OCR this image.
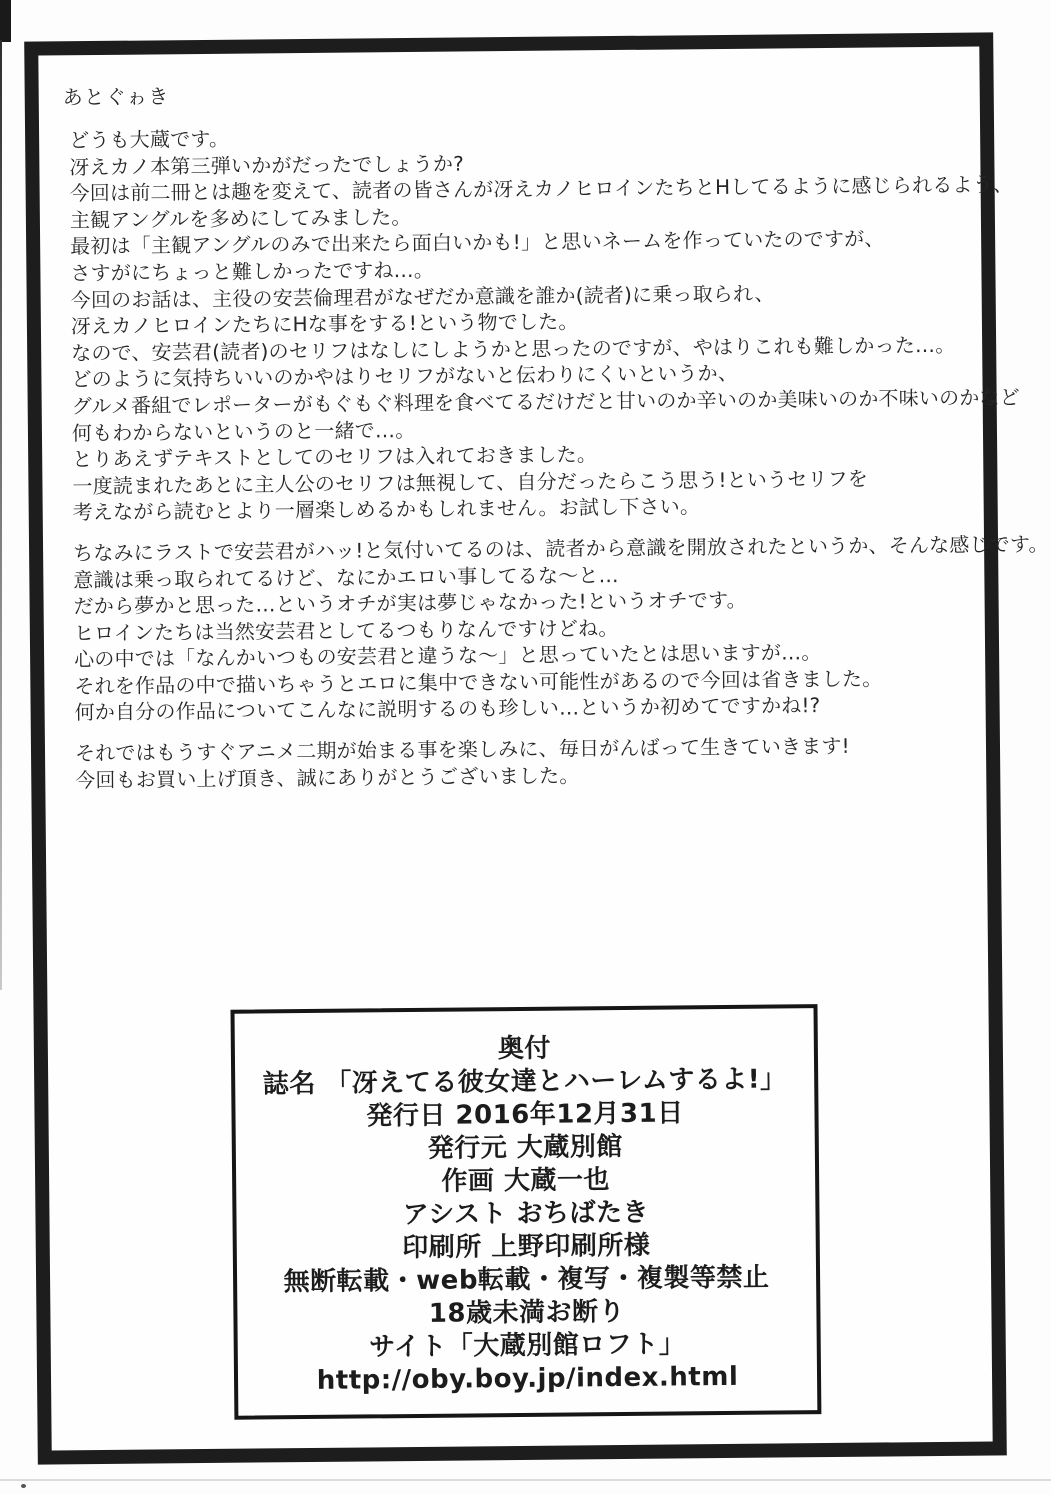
あとぐゎき
どうも大蔵です。
冴えカノ本第三弾いかがだったでしょうか?
今回は前二冊とは趣を変えて、読者の皆さんが冴えカノヒロインたちとHしてるように感じられるよう、
主観アングルを多めにしてみました。
最初は「主観アングルのみで出来たら面白いかも!」と思いネームを作っていたのですが、
さすがにちょっと難しかったですね…。
今回のお話は、主役の安芸倫理君がなぜだか意識を誰か(読者)に乗っ取られ、
冴えカノヒロインたちにHな事をする!という物でした。
なので、安芸君(読者)のセリフはなしにしようかと思ったのですが、やはりこれも難しかった…。
どのように気持ちいいのかやはりセリフがないと伝わりにくいというか、
グルメ番組でレポーターがもぐもぐ料理を食べてるだけだと甘いのか辛いのか美味いのか不味いのかなど
何もわからないというのと一緒で…。
とりあえずテキストとしてのセリフは入れておきました。
一度読まれたあとに主人公のセリフは無視して、自分だったらこう思う!というセリフを
考えながら読むとより一層楽しめるかもしれません。お試し下さい。

ちなみにラストで安芸君がハッ!と気付いてるのは、読者から意識を開放されたというか、そんな感じです。
意識は乗っ取られてるけど、なにかエロい事してるな〜と…
だから夢かと思った…というオチが実は夢じゃなかった!というオチです。
ヒロインたちは当然安芸君としてるつもりなんですけどね。
心の中では「なんかいつもの安芸君と違うな〜」と思っていたとは思いますが…。
それを作品の中で描いちゃうとエロに集中できない可能性があるので今回は省きました。
何か自分の作品についてこんなに説明するのも珍しい…というか初めてですかね!?

それではもうすぐアニメ二期が始まる事を楽しみに、毎日がんばって生きていきます!
今回もお買い上げ頂き、誠にありがとうございました。
奥付
誌名 「冴えてる彼女達とハーレムするよ!」
発行日 2016年12月31日
発行元 大蔵別館
作画 大蔵一也
アシスト おちばたき
印刷所 上野印刷所様
無断転載・web転載・複写・複製等禁止
18歳未満お断り
サイト「大蔵別館ロフト」
http://oby.boy.jp/index.html
